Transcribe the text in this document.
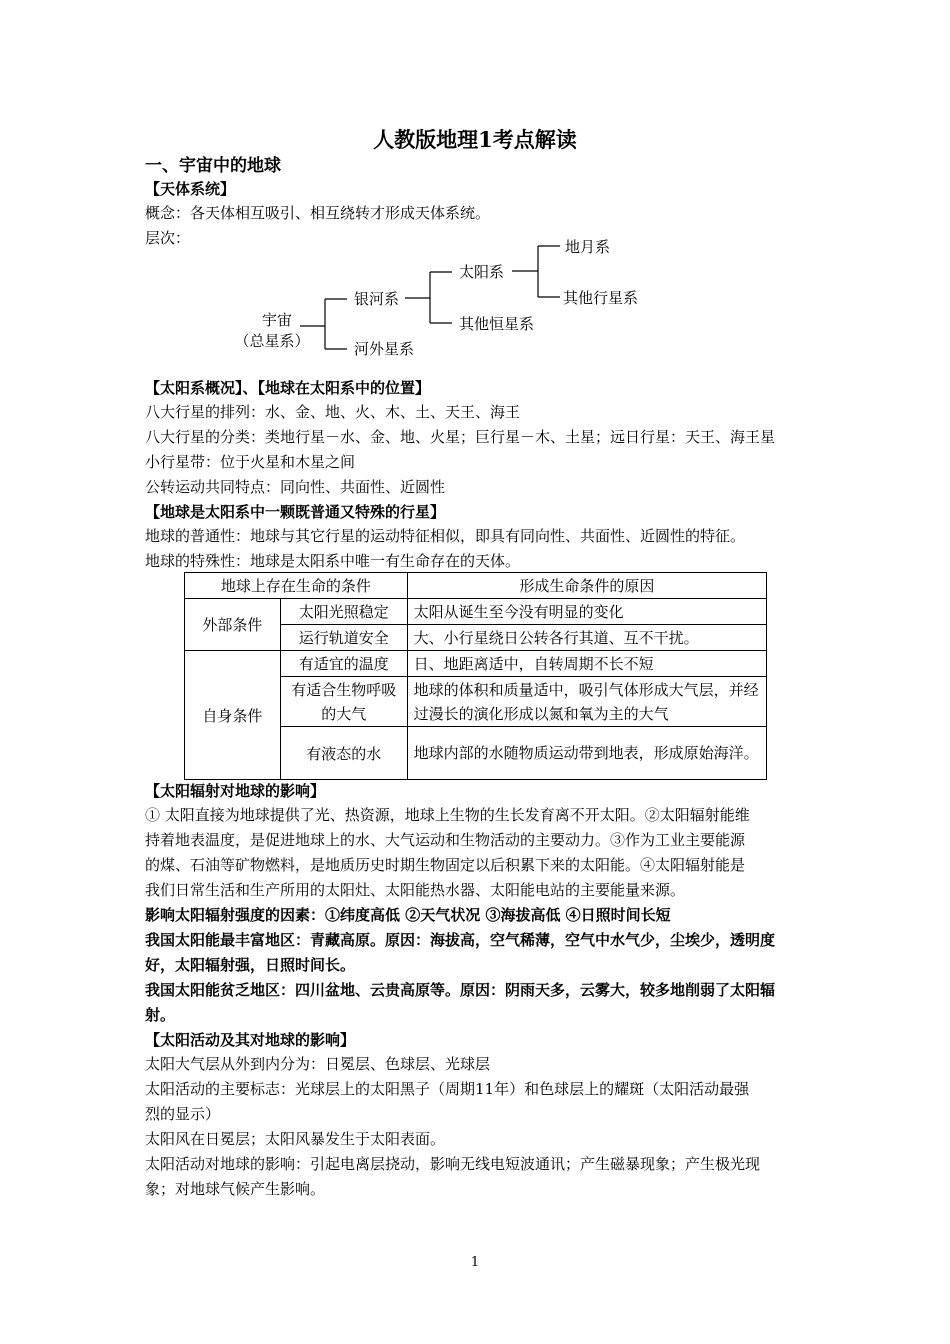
人教版地理1考点解读
一、宇宙中的地球
【天体系统】
概念：各天体相互吸引、相互绕转才形成天体系统。
层次：
宇宙
（总星系）
银河系
河外星系
太阳系
其他恒星系
地月系
其他行星系
【太阳系概况】、【地球在太阳系中的位置】
八大行星的排列：水、金、地、火、木、土、天王、海王
八大行星的分类：类地行星－水、金、地、火星；巨行星－木、土星；远日行星：天王、海王星
小行星带：位于火星和木星之间
公转运动共同特点：同向性、共面性、近圆性
【地球是太阳系中一颗既普通又特殊的行星】
地球的普通性：地球与其它行星的运动特征相似，即具有同向性、共面性、近圆性的特征。
地球的特殊性：地球是太阳系中唯一有生命存在的天体。
地球上存在生命的条件		形成生命条件的原因
外部条件	太阳光照稳定	太阳从诞生至今没有明显的变化
	运行轨道安全	大、小行星绕日公转各行其道、互不干扰。
自身条件	有适宜的温度	日、地距离适中，自转周期不长不短
	有适合生物呼吸的大气	地球的体积和质量适中，吸引气体形成大气层，并经过漫长的演化形成以氮和氧为主的大气
	有液态的水	地球内部的水随物质运动带到地表，形成原始海洋。
【太阳辐射对地球的影响】
① 太阳直接为地球提供了光、热资源，地球上生物的生长发育离不开太阳。②太阳辐射能维
持着地表温度，是促进地球上的水、大气运动和生物活动的主要动力。③作为工业主要能源
的煤、石油等矿物燃料，是地质历史时期生物固定以后积累下来的太阳能。④太阳辐射能是
我们日常生活和生产所用的太阳灶、太阳能热水器、太阳能电站的主要能量来源。
影响太阳辐射强度的因素：①纬度高低 ②天气状况 ③海拔高低 ④日照时间长短
我国太阳能最丰富地区：青藏高原。原因：海拔高，空气稀薄，空气中水气少，尘埃少，透明度
好，太阳辐射强，日照时间长。
我国太阳能贫乏地区：四川盆地、云贵高原等。原因：阴雨天多，云雾大，较多地削弱了太阳辐
射。
【太阳活动及其对地球的影响】
太阳大气层从外到内分为：日冕层、色球层、光球层
太阳活动的主要标志：光球层上的太阳黑子（周期11年）和色球层上的耀斑（太阳活动最强
烈的显示）
太阳风在日冕层；太阳风暴发生于太阳表面。
太阳活动对地球的影响：引起电离层挠动，影响无线电短波通讯；产生磁暴现象；产生极光现
象；对地球气候产生影响。
1
